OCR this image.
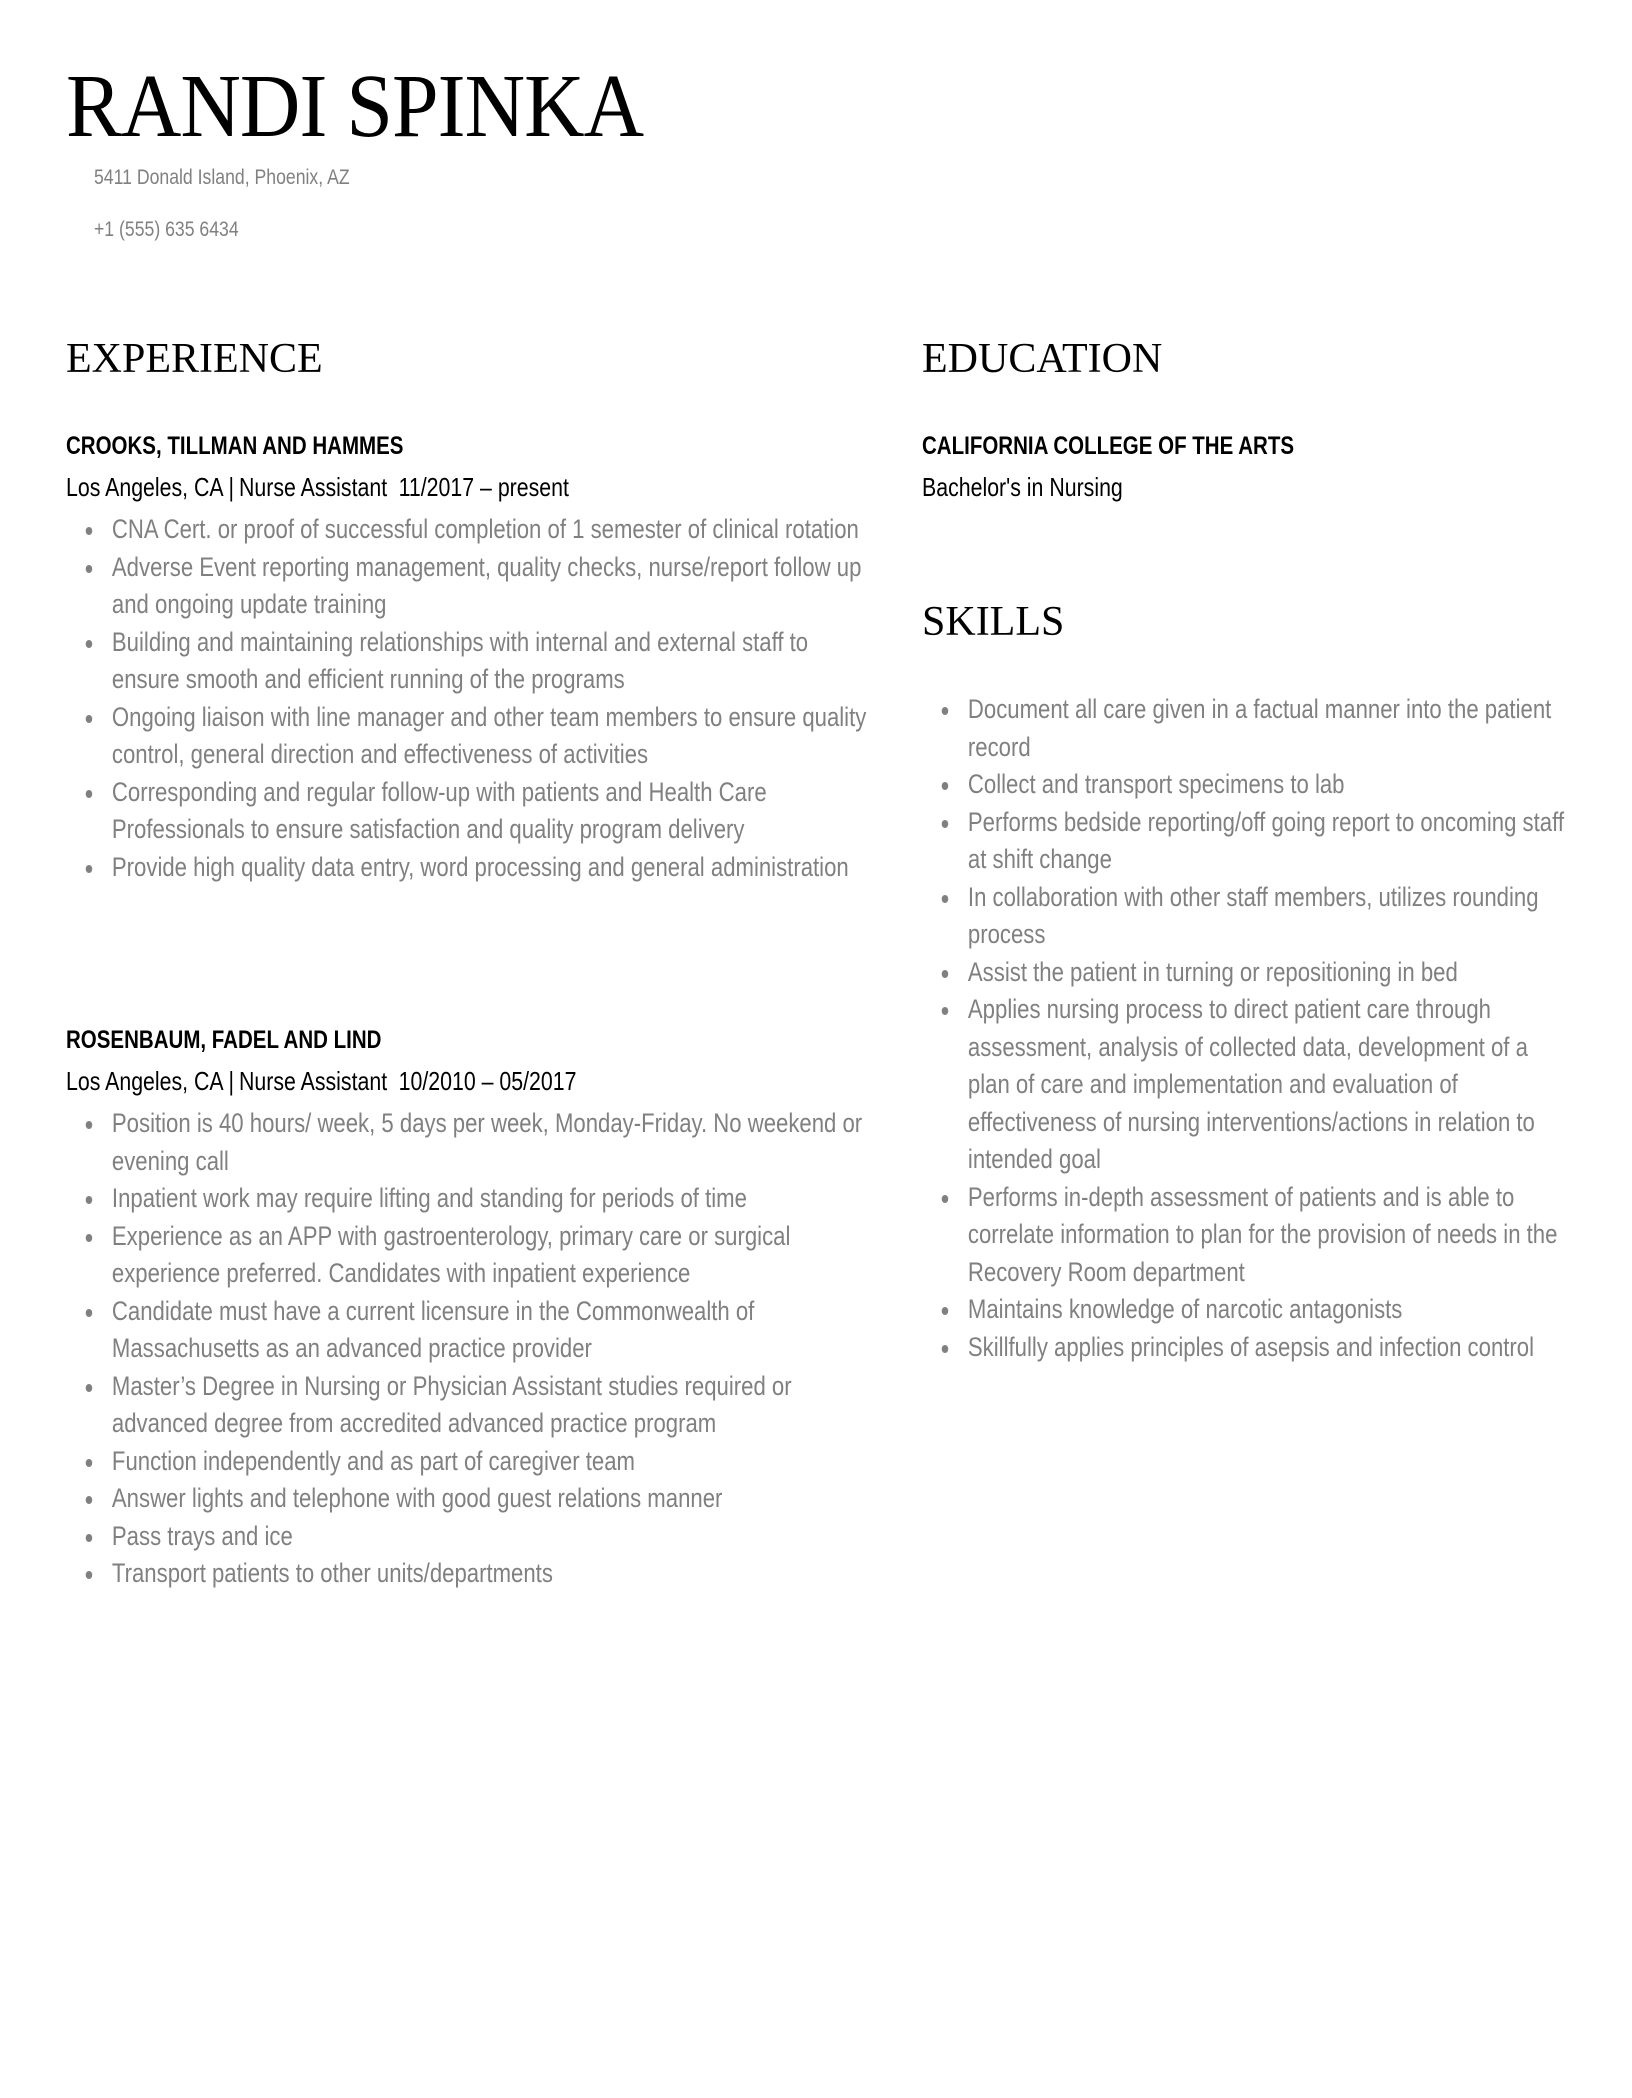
RANDI SPINKA
5411 Donald Island, Phoenix, AZ
+1 (555) 635 6434
EXPERIENCE
CROOKS, TILLMAN AND HAMMES
Los Angeles, CA | Nurse Assistant 11/2017 – present
CNA Cert. or proof of successful completion of 1 semester of clinical rotation
Adverse Event reporting management, quality checks, nurse/report follow up and ongoing update training
Building and maintaining relationships with internal and external staff to ensure smooth and efficient running of the programs
Ongoing liaison with line manager and other team members to ensure quality control, general direction and effectiveness of activities
Corresponding and regular follow-up with patients and Health Care Professionals to ensure satisfaction and quality program delivery
Provide high quality data entry, word processing and general administration
ROSENBAUM, FADEL AND LIND
Los Angeles, CA | Nurse Assistant 10/2010 – 05/2017
Position is 40 hours/ week, 5 days per week, Monday-Friday. No weekend or evening call
Inpatient work may require lifting and standing for periods of time
Experience as an APP with gastroenterology, primary care or surgical experience preferred. Candidates with inpatient experience
Candidate must have a current licensure in the Commonwealth of Massachusetts as an advanced practice provider
Master’s Degree in Nursing or Physician Assistant studies required or advanced degree from accredited advanced practice program
Function independently and as part of caregiver team
Answer lights and telephone with good guest relations manner
Pass trays and ice
Transport patients to other units/departments
EDUCATION
CALIFORNIA COLLEGE OF THE ARTS
Bachelor's in Nursing
SKILLS
Document all care given in a factual manner into the patient record
Collect and transport specimens to lab
Performs bedside reporting/off going report to oncoming staff at shift change
In collaboration with other staff members, utilizes rounding process
Assist the patient in turning or repositioning in bed
Applies nursing process to direct patient care through assessment, analysis of collected data, development of a plan of care and implementation and evaluation of effectiveness of nursing interventions/actions in relation to intended goal
Performs in-depth assessment of patients and is able to correlate information to plan for the provision of needs in the Recovery Room department
Maintains knowledge of narcotic antagonists
Skillfully applies principles of asepsis and infection control
